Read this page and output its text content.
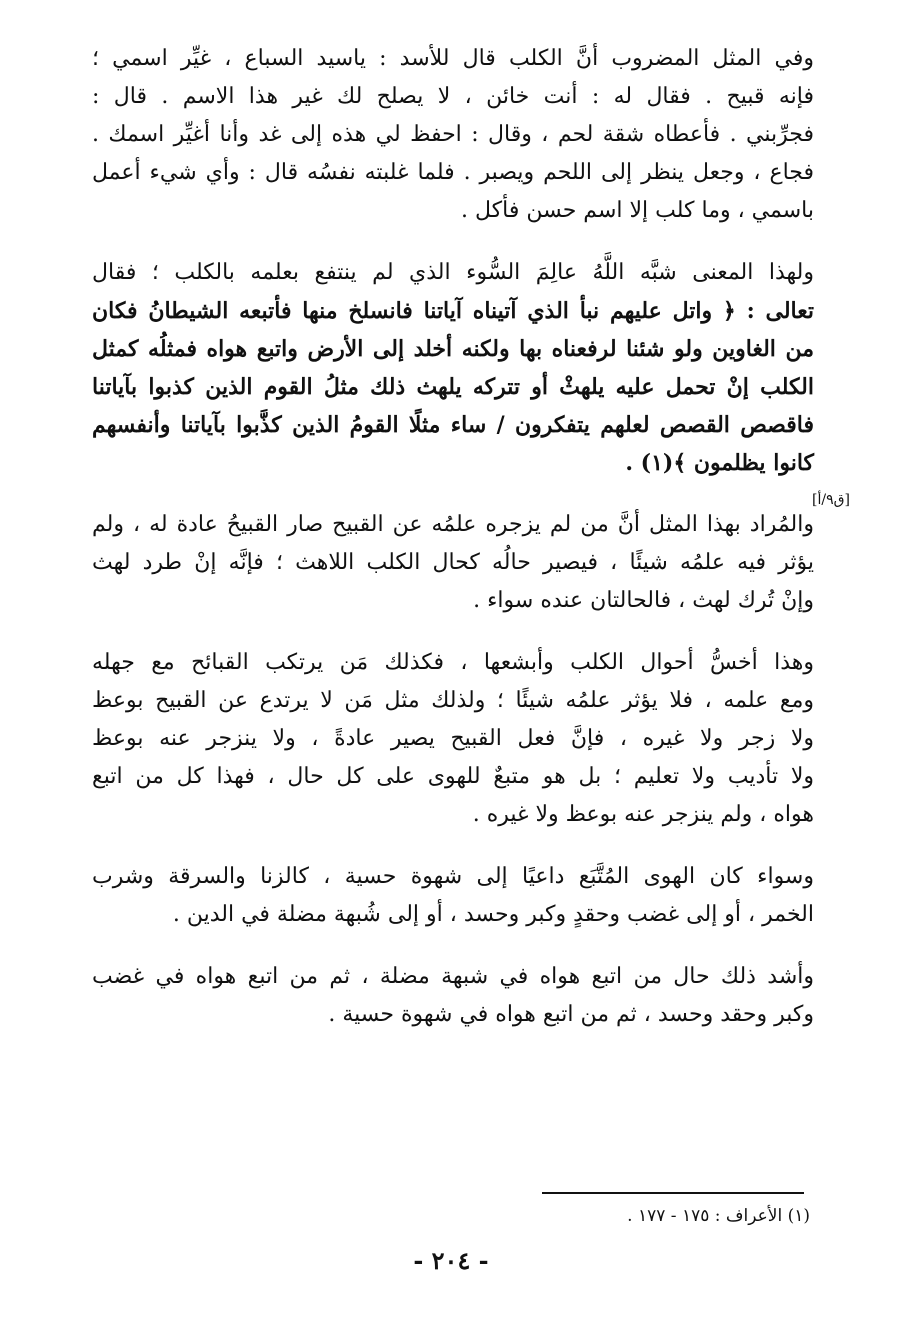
وفي المثل المضروب أنَّ الكلب قال للأسد : ياسيد السباع ، غيِّر اسمي ؛
فإنه قبيح . فقال له : أنت خائن ، لا يصلح لك غير هذا الاسم . قال :
فجرِّبني . فأعطاه شقة لحم ، وقال : احفظ لي هذه إلى غد وأنا أغيِّر اسمك .
فجاع ، وجعل ينظر إلى اللحم ويصبر . فلما غلبته نفسُه قال : وأي شيء أعمل
باسمي ، وما كلب إلا اسم حسن فأكل .

ولهذا المعنى شبَّه اللَّهُ عالِمَ السُّوء الذي لم ينتفع بعلمه بالكلب ؛ فقال
تعالى : ﴿ واتل عليهم نبأ الذي آتيناه آياتنا فانسلخ منها فأتبعه الشيطانُ فكان
من الغاوين ولو شئنا لرفعناه بها ولكنه أخلد إلى الأرض واتبع هواه فمثلُه كمثل
الكلب إنْ تحمل عليه يلهثْ أو تتركه يلهث ذلك مثلُ القوم الذين كذبوا بآياتنا
فاقصص القصص لعلهم يتفكرون / ساء مثلًا القومُ الذين كذَّبوا بآياتنا وأنفسهم
كانوا يظلمون ﴾(١) .

والمُراد بهذا المثل أنَّ من لم يزجره علمُه عن القبيح صار القبيحُ عادة له ، ولم
يؤثر فيه علمُه شيئًا ، فيصير حالُه كحال الكلب اللاهث ؛ فإنَّه إنْ طرد لهث
وإنْ تُرك لهث ، فالحالتان عنده سواء .

وهذا أخسُّ أحوال الكلب وأبشعها ، فكذلك مَن يرتكب القبائح مع جهله
ومع علمه ، فلا يؤثر علمُه شيئًا ؛ ولذلك مثل مَن لا يرتدع عن القبيح بوعظ
ولا زجر ولا غيره ، فإنَّ فعل القبيح يصير عادةً ، ولا ينزجر عنه بوعظ
ولا تأديب ولا تعليم ؛ بل هو متبعٌ للهوى على كل حال ، فهذا كل من اتبع
هواه ، ولم ينزجر عنه بوعظ ولا غيره .

وسواء كان الهوى المُتَّبَع داعيًا إلى شهوة حسية ، كالزنا والسرقة وشرب
الخمر ، أو إلى غضب وحقدٍ وكبر وحسد ، أو إلى شُبهة مضلة في الدين .

وأشد ذلك حال من اتبع هواه في شبهة مضلة ، ثم من اتبع هواه في غضب
وكبر وحقد وحسد ، ثم من اتبع هواه في شهوة حسية .

[ق٩/أ]
(١) الأعراف : ١٧٥ - ١٧٧ .
- ٢٠٤ -
